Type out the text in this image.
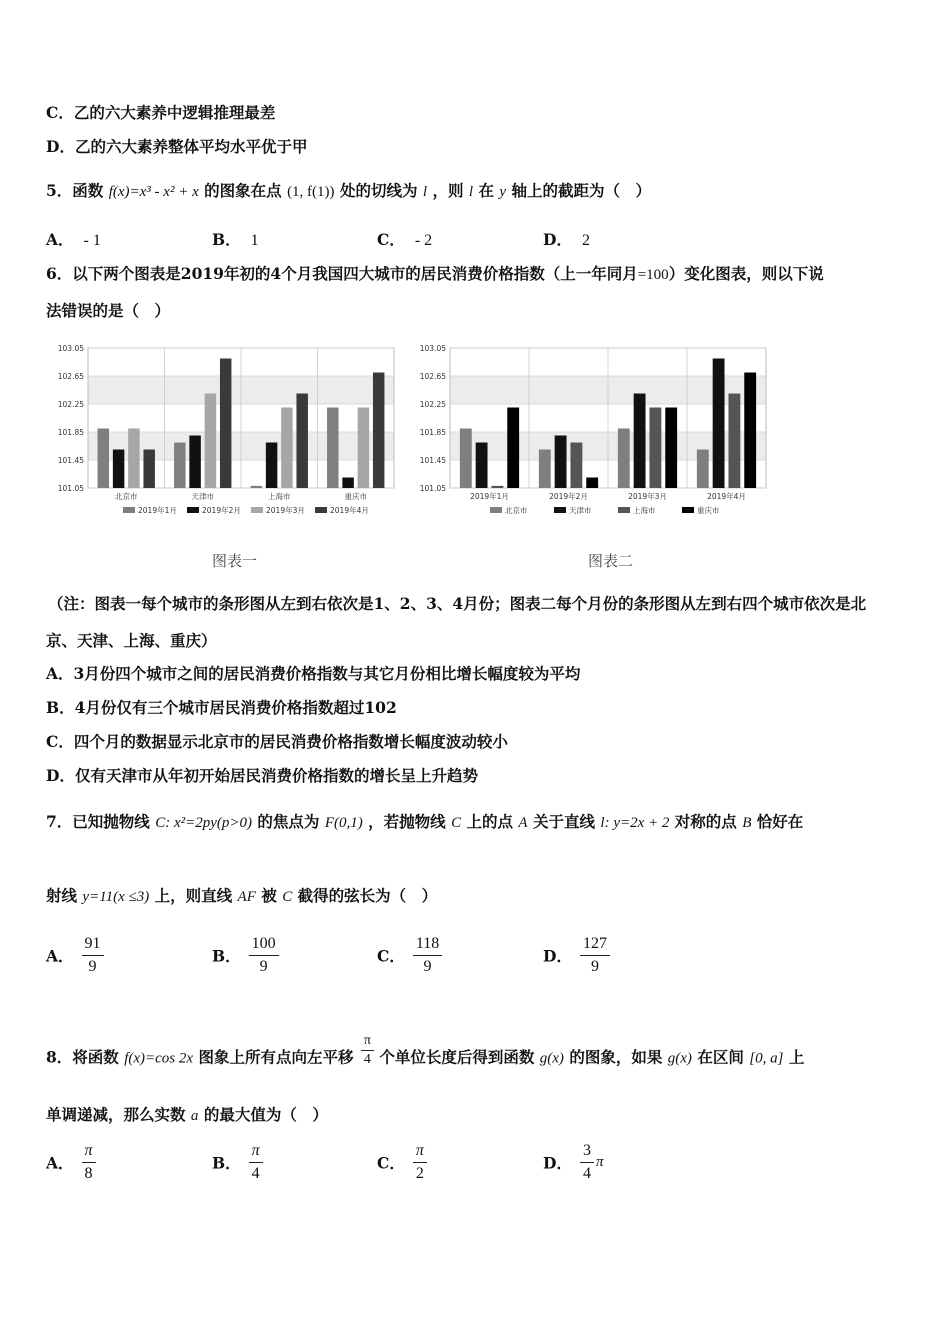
C．乙的六大素养中逻辑推理最差
D．乙的六大素养整体平均水平优于甲
5．函数 f(x)=x³ - x² + x 的图象在点 (1, f(1)) 处的切线为 l ，则 l 在 y 轴上的截距为（　）
A． - 1	B． 1	C． - 2	D． 2
6．以下两个图表是2019年初的4个月我国四大城市的居民消费价格指数（上一年同月=100）变化图表，则以下说
法错误的是（　）
103.05
102.65
102.25
101.85
101.45
101.05
北京市	天津市	上海市	重庆市
2019年1月	2019年2月	2019年3月	2019年4月
103.05
102.65
102.25
101.85
101.45
101.05
2019年1月	2019年2月	2019年3月	2019年4月
北京市	天津市	上海市	重庆市
图表一	图表二
（注：图表一每个城市的条形图从左到右依次是1、2、3、4月份；图表二每个月份的条形图从左到右四个城市依次是北
京、天津、上海、重庆）
A．3月份四个城市之间的居民消费价格指数与其它月份相比增长幅度较为平均
B．4月份仅有三个城市居民消费价格指数超过102
C．四个月的数据显示北京市的居民消费价格指数增长幅度波动较小
D．仅有天津市从年初开始居民消费价格指数的增长呈上升趋势
7．已知抛物线 C: x²=2py(p>0) 的焦点为 F(0,1) ，若抛物线 C 上的点 A 关于直线 l: y=2x + 2 对称的点 B 恰好在
射线 y=11(x ≤3) 上，则直线 AF 被 C 截得的弦长为（　）
A． $\frac{91}{9}$	B． $\frac{100}{9}$	C． $\frac{118}{9}$	D． $\frac{127}{9}$
8．将函数 f(x)=cos 2x 图象上所有点向左平移 $\frac{\pi}{4}$ 个单位长度后得到函数 g(x) 的图象，如果 g(x) 在区间 [0, a] 上
单调递减，那么实数 a 的最大值为（　）
A． $\frac{\pi}{8}$	B． $\frac{\pi}{4}$	C． $\frac{\pi}{2}$	D． $\frac{3}{4}$ π
